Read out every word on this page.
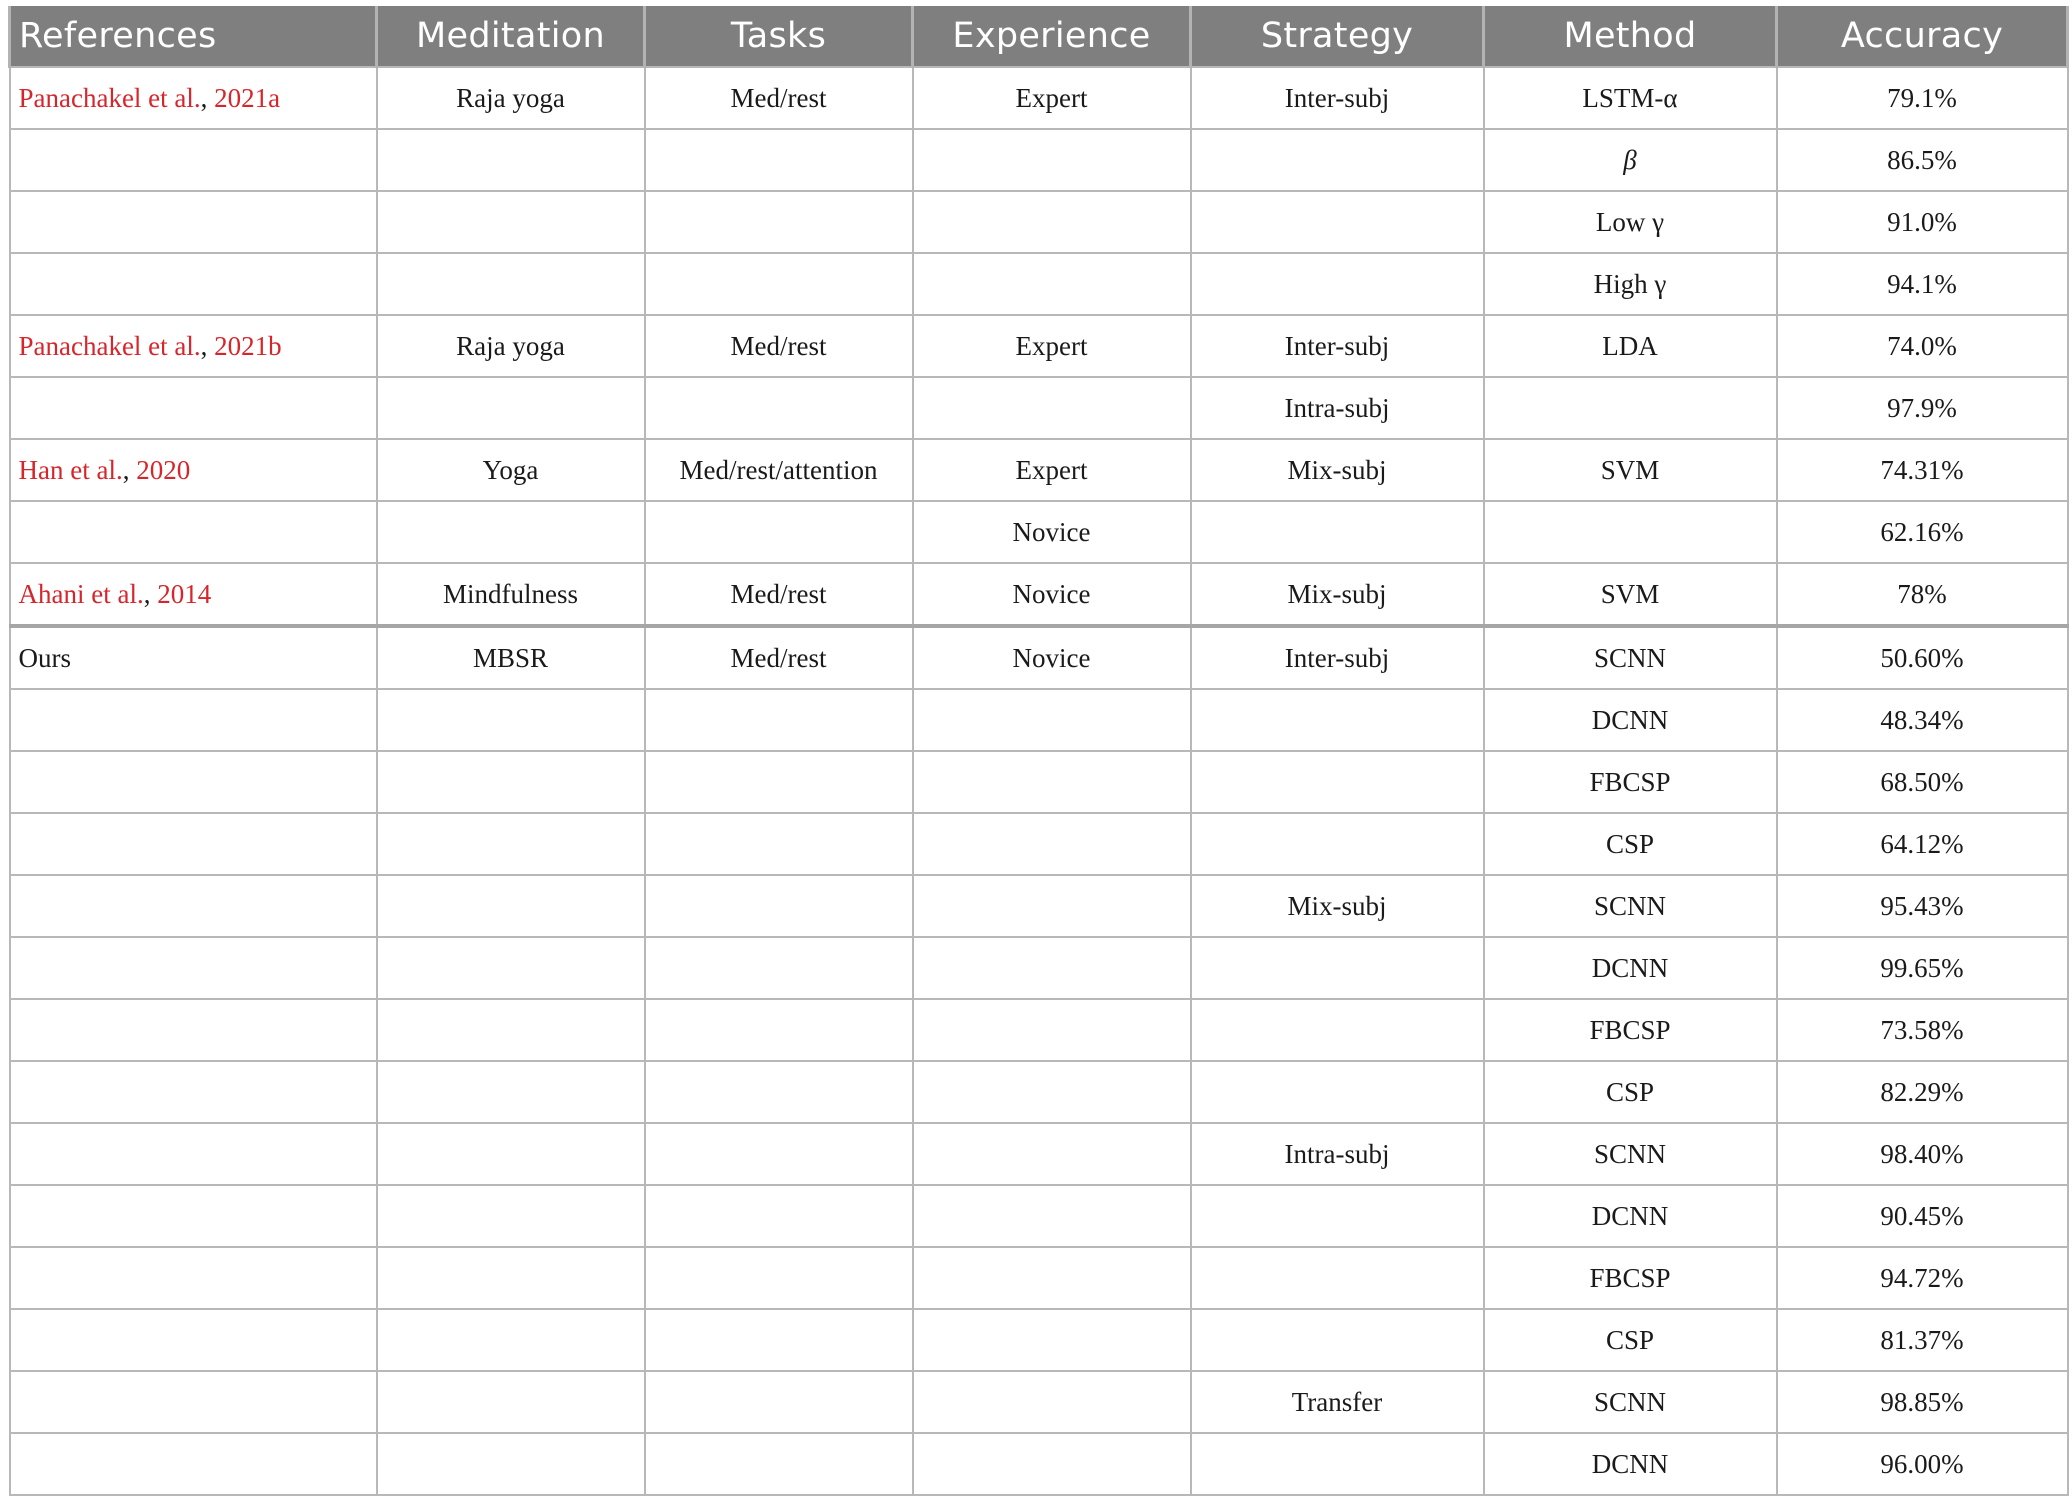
References	Meditation	Tasks	Experience	Strategy	Method	Accuracy
Panachakel et al., 2021a	Raja yoga	Med/rest	Expert	Inter-subj	LSTM-α	79.1%
					β	86.5%
					Low γ	91.0%
					High γ	94.1%
Panachakel et al., 2021b	Raja yoga	Med/rest	Expert	Inter-subj	LDA	74.0%
				Intra-subj		97.9%
Han et al., 2020	Yoga	Med/rest/attention	Expert	Mix-subj	SVM	74.31%
			Novice			62.16%
Ahani et al., 2014	Mindfulness	Med/rest	Novice	Mix-subj	SVM	78%
Ours	MBSR	Med/rest	Novice	Inter-subj	SCNN	50.60%
					DCNN	48.34%
					FBCSP	68.50%
					CSP	64.12%
				Mix-subj	SCNN	95.43%
					DCNN	99.65%
					FBCSP	73.58%
					CSP	82.29%
				Intra-subj	SCNN	98.40%
					DCNN	90.45%
					FBCSP	94.72%
					CSP	81.37%
				Transfer	SCNN	98.85%
					DCNN	96.00%
